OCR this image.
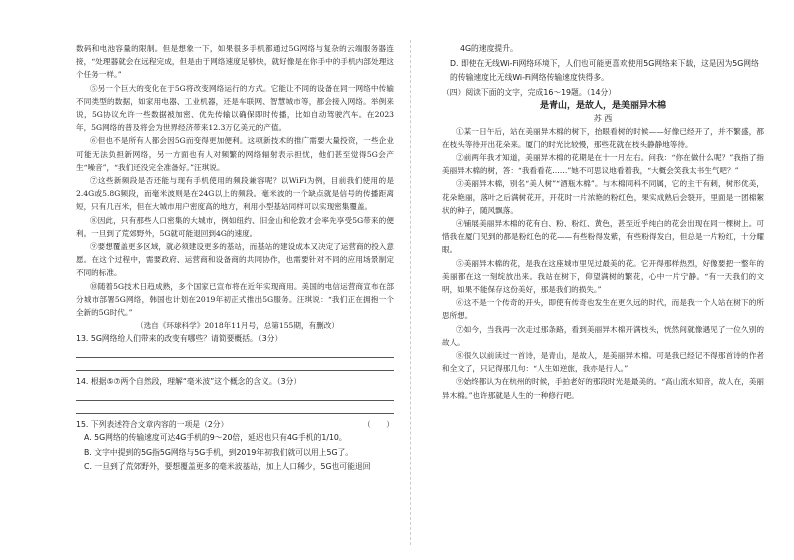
数码和电池容量的限制。但是想象一下，如果很多手机都通过5G网络与复杂的云端服务器连接，“处理器就会在远程完成，但是由于网络速度足够快，就好像是在你手中的手机内部处理这个任务一样。”

⑤另一个巨大的变化在于5G将改变网络运行的方式。它能让不同的设备在同一网络中传输不同类型的数据，如家用电器、工业机器，还是车联网、智慧城市等，都会接入网络。举例来说，5G协议允许一些数据被加密、优先传输以确保即时传播，比如自动驾驶汽车。在2023年，5G网络的普及将会为世界经济带来12.3万亿美元的产值。

⑥但也不是所有人都会因5G而变得更加便利。这项新技术的推广需要大量投资，一些企业可能无法负担新网络，另一方面也有人对频繁的网络辐射表示担忧，他们甚至觉得5G会产生“噪音”，“我们还没完全准备好。”汪琪说。

⑦这些新频段是否还能与现有手机使用的频段兼容呢？以WiFi为例，目前我们使用的是2.4G或5.8G频段，而毫米波则是在24G以上的频段。毫米波的一个缺点就是信号的传播距离短，只有几百米，但在大城市用户密度高的地方，利用小型基站同样可以实现密集覆盖。

⑧因此，只有那些人口密集的大城市，例如纽约、旧金山和伦敦才会率先享受5G带来的便利。一旦到了荒郊野外，5G就可能退回到4G的速度。

⑨要想覆盖更多区域，就必须建设更多的基站，而基站的建设成本又决定了运营商的投入意愿。在这个过程中，需要政府、运营商和设备商的共同协作，也需要针对不同的应用场景制定不同的标准。

⑩随着5G技术日趋成熟，多个国家已宣布将在近年实现商用。美国的电信运营商宣布在部分城市部署5G网络，韩国也计划在2019年初正式推出5G服务。汪琪说：“我们正在拥抱一个全新的5G时代。”

（选自《环球科学》2018年11月号，总第155期，有删改）

13. 5G网络给人们带来的改变有哪些？请简要概括。（3分）

14. 根据⑤⑦两个自然段，理解“毫米波”这个概念的含义。（3分）

15. 下列表述符合文章内容的一项是（2分）	（　　）

A. 5G网络的传输速度可达4G手机的9～20倍，延迟也只有4G手机的1/10。

B. 文字中提到的5G指5G网络与5G手机，到2019年初我们就可以用上5G了。

C. 一旦到了荒郊野外，要想覆盖更多的毫米波基站，加上人口稀少，5G也可能退回

4G的速度提升。

D. 即使在无线Wi-Fi网络环境下，人们也可能更喜欢使用5G网络来下载，这是因为5G网络的传输速度比无线Wi-Fi网络传输速度快得多。

（四）阅读下面的文字，完成16～19题。（14分）

是青山，是故人，是美丽异木棉

苏 西

①某一日午后，站在美丽异木棉的树下，抬眼看树的时候——好像已经开了，并不繁盛，都在枝头等待开出花朵来。厦门的时光比较慢，那些花就在枝头静静地等待。

②前两年我才知道，美丽异木棉的花期是在十一月左右。问我：“你在做什么呢？”我指了指美丽异木棉的树，答：“我看看花……”她不可思议地看着我，“大概会笑我太书生气吧？”

③美丽异木棉，别名“美人树”“酒瓶木棉”。与木棉同科不同属，它的主干有刺，树形优美，花朵艳丽，落叶之后满树花开，开花时一片浓艳的粉红色，果实成熟后会裂开，里面是一团棉絮状的种子，随风飘落。

④铺展美丽异木棉的花有白、粉、粉红、黄色，甚至近乎纯白的花会出现在同一棵树上。可惜我在厦门见到的都是粉红色的花——有些粉得发紫，有些粉得发白，但总是一片粉红，十分耀眼。

⑤美丽异木棉的花，是我在这座城市里见过最美的花。它开得那样热烈，好像要把一整年的美丽都在这一刻绽放出来。我站在树下，仰望满树的繁花，心中一片宁静。“有一天我们的文明，如果不能保存这份美好，那是我们的损失。”

⑥这不是一个传奇的开头，即使有传奇也发生在更久远的时代，而是我一个人站在树下的所思所想。

⑦如今，当我再一次走过那条路，看到美丽异木棉开满枝头，恍然间就像遇见了一位久别的故人。

⑧很久以前读过一首诗，是青山，是故人，是美丽异木棉。可是我已经记不得那首诗的作者和全文了，只记得那几句：“人生如逆旅，我亦是行人。”

⑨始终都认为在杭州的时候，手拍老好的那段时光是最美的。“高山流水知音，故人在，美丽异木棉。”也许那就是人生的一种修行吧。
